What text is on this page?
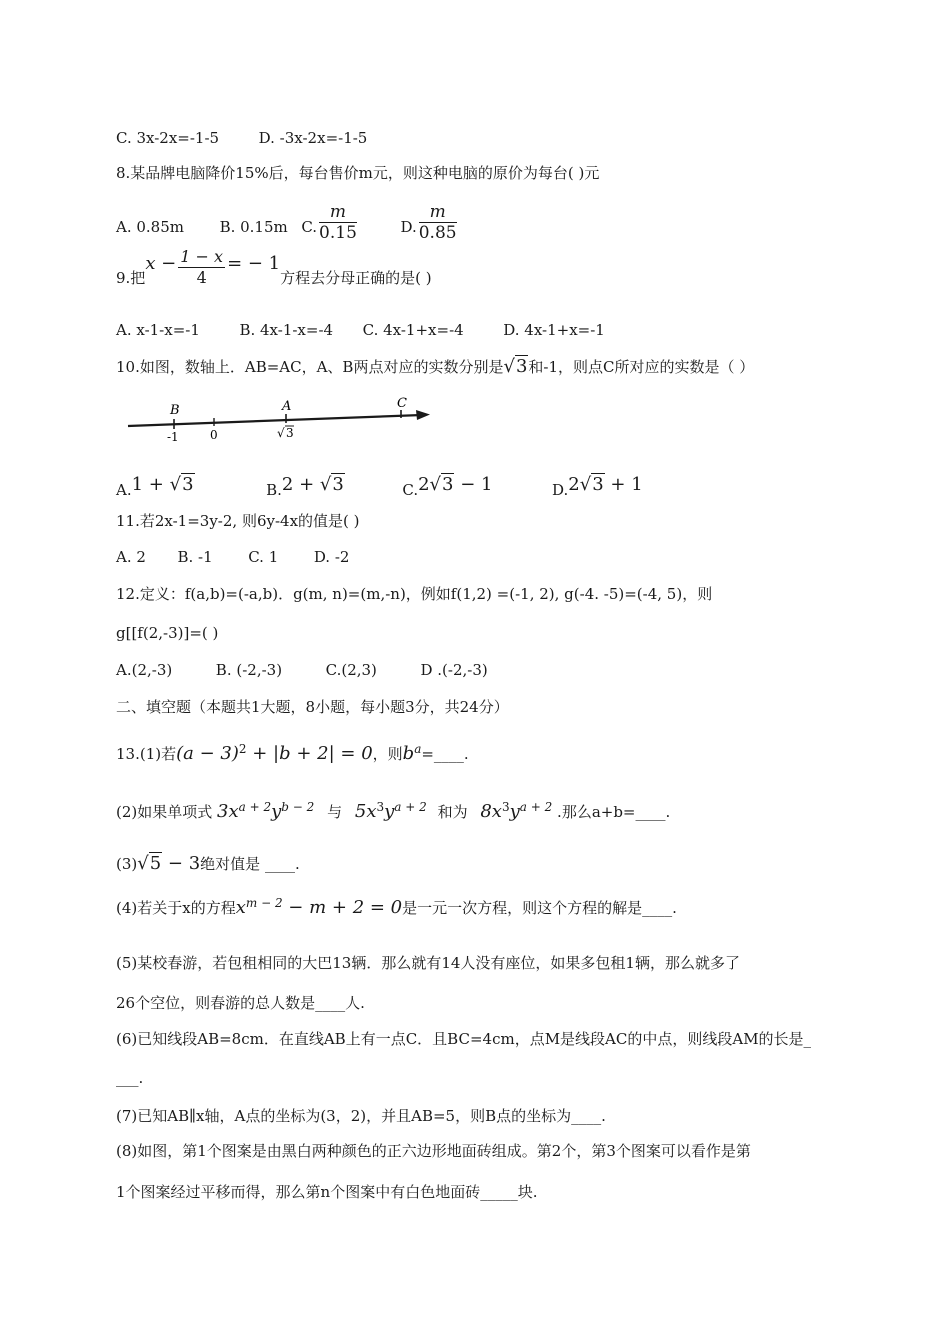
C. 3x-2x=-1-5	D. -3x-2x=-1-5
8.某品牌电脑降价15%后，每台售价m元，则这种电脑的原价为每台( )元
A. 0.85m B. 0.15m C. $\frac{m}{0.15}$	D. $\frac{m}{0.85}$
9.把$x - \frac{1 - x}{4}$ = − 1方程去分母正确的是( )
A. x-1-x=-1	B. 4x-1-x=-4 C. 4x-1+x=-4	D. 4x-1+x=-1
10.如图，数轴上．AB=AC，A、B两点对应的实数分别是√3和-1，则点C所对应的实数是（ ）
B	A	C
-1	0	√ 3
A.1 + √3	B.2 + √3	C.2√3 − 1	D.2√3 + 1
11.若2x-1=3y-2, 则6y-4x的值是( )
A. 2 B. -1 C. 1 D. -2
12.定义：f(a,b)=(-a,b)．g(m, n)=(m,-n)，例如f(1,2) =(-1, 2), g(-4. -5)=(-4, 5)，则
g[[f(2,-3)]=( )
A.(2,-3)	B. (-2,-3)	C.(2,3)	D .(-2,-3)
二、填空题（本题共1大题，8小题，每小题3分，共24分）
13.(1)若$(a - 3)^2 + |b + 2| = 0$，则$b^a=\_\_\_\_$.
(2)如果单项式 $3x^{a + 2}y^{b - 2}$ 与 $5x^3y^{a + 2}$ 和为 $8x^3y^{a + 2}$ .那么a+b=____.
(3)√5 − 3绝对值是 ____.
(4)若关于x的方程$x^{m - 2} - m + 2 = 0$是一元一次方程，则这个方程的解是____.
(5)某校春游，若包租相同的大巴13辆．那么就有14人没有座位，如果多包租1辆，那么就多了
26个空位，则春游的总人数是____人.
(6)已知线段AB=8cm．在直线AB上有一点C．且BC=4cm，点M是线段AC的中点，则线段AM的长是_
___.
(7)已知AB∥x轴，A点的坐标为(3，2)，并且AB=5，则B点的坐标为____.
(8)如图，第1个图案是由黑白两种颜色的正六边形地面砖组成。第2个，第3个图案可以看作是第
1个图案经过平移而得，那么第n个图案中有白色地面砖_____块.
